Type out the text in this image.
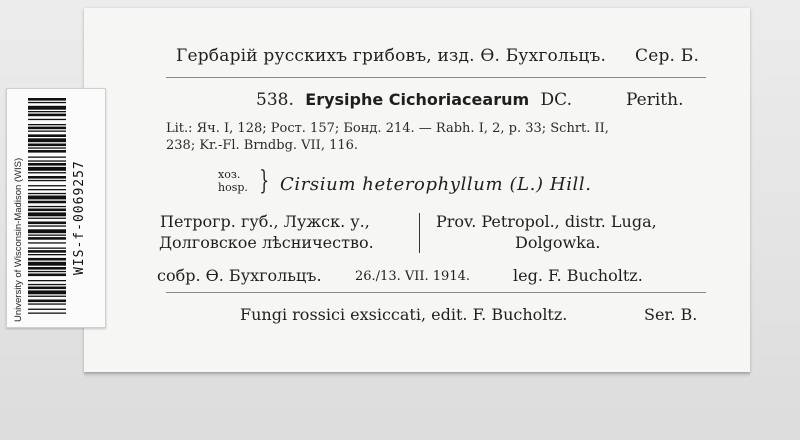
Гербарій русскихъ грибовъ, изд. Ѳ. Бухгольцъ. Сер. Б.
538. Erysiphe Cichoriacearum DC.	Perith.
Lit.: Яч. I, 128; Рост. 157; Бонд. 214. — Rabh. I, 2, p. 33; Schrt. II,
238; Kr.-Fl. Brndbg. VII, 116.
хоз.
hosp. } Cirsium heterophyllum (L.) Hill.
Петрогр. губ., Лужск. у.,
Долговское лѣсничество.
Prov. Petropol., distr. Luga,
Dolgowka.
собр. Ѳ. Бухгольцъ.	26./13. VII. 1914.	leg. F. Bucholtz.
Fungi rossici exsiccati, edit. F. Bucholtz.	Ser. B.
University of Wisconsin-Madison (WIS)	WIS-f-0069257
